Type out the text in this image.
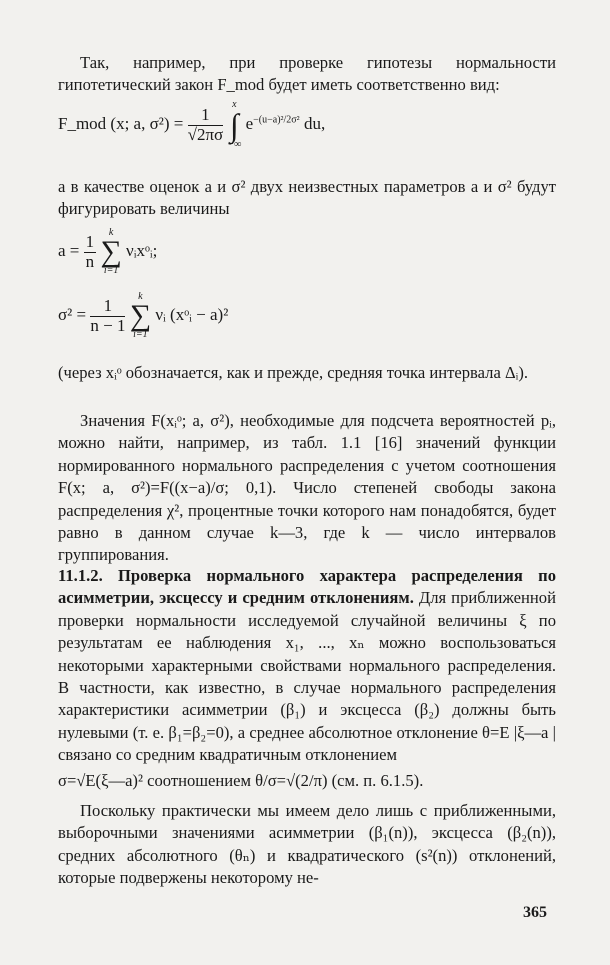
Так, например, при проверке гипотезы нормальности гипотетический закон F_mod будет иметь соответственно вид:
F_mod (x; a, $\sigma^2) = \frac{1}{√2\pi\sigma}$

x
∫
−∞
$e^{-(u-a)^2/2\sigma^2}$ du,
а в качестве оценок a и σ² двух неизвестных параметров a и σ² будут фигурировать величины
$a = \frac{1}{n}$

k
∑
i=1
νᵢxᵒᵢ;
$\sigma^2 = \frac{1}{n - 1}$

k
∑
i=1
νᵢ (xᵒᵢ − a)²
(через xᵢᵒ обозначается, как и прежде, средняя точка интервала Δᵢ).
Значения F(xᵢᵒ; a, σ²), необходимые для подсчета вероятностей pᵢ, можно найти, например, из табл. 1.1 [16] значений функции нормированного нормального распределения с учетом соотношения F(x; a, σ²)=F((x−a)/σ; 0,1). Число степеней свободы закона распределения χ², процентные точки которого нам понадобятся, будет равно в данном случае k—3, где k — число интервалов группирования.
11.1.2. Проверка нормального характера распределения по асимметрии, эксцессу и средним отклонениям. Для приближенной проверки нормальности исследуемой случайной величины ξ по результатам ее наблюдения x₁, ..., xₙ можно воспользоваться некоторыми характерными свойствами нормального распределения. В частности, как известно, в случае нормального распределения характеристики асимметрии (β₁) и эксцесса (β₂) должны быть нулевыми (т. е. β₁=β₂=0), а среднее абсолютное отклонение θ=E |ξ—a | связано со средним квадратичным отклонением
σ=√E(ξ—a)² соотношением θ/σ=√(2/π) (см. п. 6.1.5).
Поскольку практически мы имеем дело лишь с приближенными, выборочными значениями асимметрии (β₁(n)), эксцесса (β₂(n)), средних абсолютного (θₙ) и квадратического (s²(n)) отклонений, которые подвержены некоторому не-
365
